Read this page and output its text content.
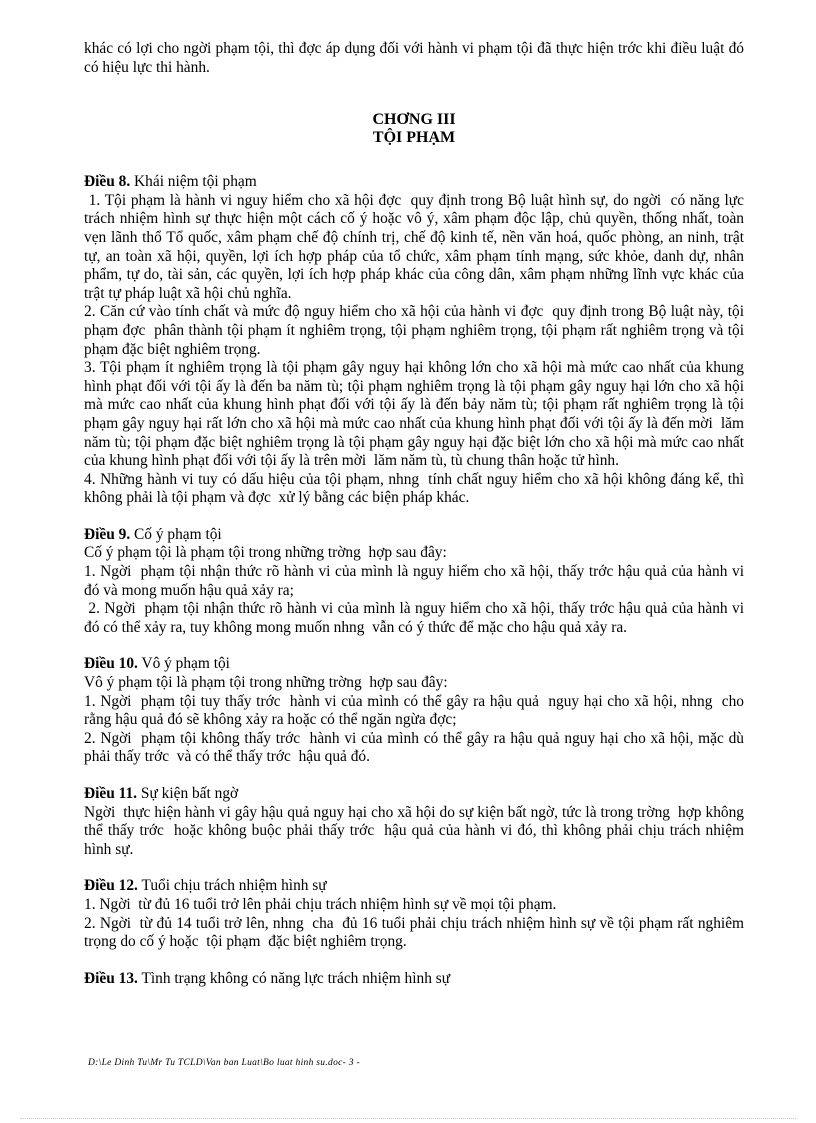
khác có lợi cho ngời phạm tội, thì đợc áp dụng đối với hành vi phạm tội đã thực hiện trớc khi điều luật đó có hiệu lực thi hành.

CHƠNG III
TỘI PHẠM

Điều 8. Khái niệm tội phạm

1. Tội phạm là hành vi nguy hiểm cho xã hội đợc  quy định trong Bộ luật hình sự, do ngời  có năng lực trách nhiệm hình sự thực hiện một cách cố ý hoặc vô ý, xâm phạm độc lập, chủ quyền, thống nhất, toàn vẹn lãnh thổ Tổ quốc, xâm phạm chế độ chính trị, chế độ kinh tế, nền văn hoá, quốc phòng, an ninh, trật tự, an toàn xã hội, quyền, lợi ích hợp pháp của tổ chức, xâm phạm tính mạng, sức khỏe, danh dự, nhân phẩm, tự do, tài sản, các quyền, lợi ích hợp pháp khác của công dân, xâm phạm những lĩnh vực khác của trật tự pháp luật xã hội chủ nghĩa.

2. Căn cứ vào tính chất và mức độ nguy hiểm cho xã hội của hành vi đợc  quy định trong Bộ luật này, tội phạm đợc  phân thành tội phạm ít nghiêm trọng, tội phạm nghiêm trọng, tội phạm rất nghiêm trọng và tội phạm đặc biệt nghiêm trọng.

3. Tội phạm ít nghiêm trọng là tội phạm gây nguy hại không lớn cho xã hội mà mức cao nhất của khung hình phạt đối với tội ấy là đến ba năm tù; tội phạm nghiêm trọng là tội phạm gây nguy hại lớn cho xã hội mà mức cao nhất của khung hình phạt đối với tội ấy là đến bảy năm tù; tội phạm rất nghiêm trọng là tội phạm gây nguy hại rất lớn cho xã hội mà mức cao nhất của khung hình phạt đối với tội ấy là đến mời  lăm năm tù; tội phạm đặc biệt nghiêm trọng là tội phạm gây nguy hại đặc biệt lớn cho xã hội mà mức cao nhất của khung hình phạt đối với tội ấy là trên mời  lăm năm tù, tù chung thân hoặc tử hình.

4. Những hành vi tuy có dấu hiệu của tội phạm, nhng  tính chất nguy hiểm cho xã hội không đáng kể, thì không phải là tội phạm và đợc  xử lý bằng các biện pháp khác.

Điều 9. Cố ý phạm tội

Cố ý phạm tội là phạm tội trong những trờng  hợp sau đây:

1. Ngời  phạm tội nhận thức rõ hành vi của mình là nguy hiểm cho xã hội, thấy trớc hậu quả của hành vi đó và mong muốn hậu quả xảy ra;

2. Ngời  phạm tội nhận thức rõ hành vi của mình là nguy hiểm cho xã hội, thấy trớc hậu quả của hành vi đó có thể xảy ra, tuy không mong muốn nhng  vẫn có ý thức để mặc cho hậu quả xảy ra.

Điều 10. Vô ý phạm tội

Vô ý phạm tội là phạm tội trong những trờng  hợp sau đây:

1. Ngời  phạm tội tuy thấy trớc  hành vi của mình có thể gây ra hậu quả  nguy hại cho xã hội, nhng  cho rằng hậu quả đó sẽ không xảy ra hoặc có thể ngăn ngừa đợc;

2. Ngời  phạm tội không thấy trớc  hành vi của mình có thể gây ra hậu quả nguy hại cho xã hội, mặc dù phải thấy trớc  và có thể thấy trớc  hậu quả đó.

Điều 11. Sự kiện bất ngờ

Ngời  thực hiện hành vi gây hậu quả nguy hại cho xã hội do sự kiện bất ngờ, tức là trong trờng  hợp không thể thấy trớc  hoặc không buộc phải thấy trớc  hậu quả của hành vi đó, thì không phải chịu trách nhiệm hình sự.

Điều 12. Tuổi chịu trách nhiệm hình sự

1. Ngời  từ đủ 16 tuổi trở lên phải chịu trách nhiệm hình sự về mọi tội phạm.

2. Ngời  từ đủ 14 tuổi trở lên, nhng  cha  đủ 16 tuổi phải chịu trách nhiệm hình sự về tội phạm rất nghiêm trọng do cố ý hoặc  tội phạm  đặc biệt nghiêm trọng.

Điều 13. Tình trạng không có năng lực trách nhiệm hình sự

D:\Le Dinh Tu\Mr Tu TCLD\Van ban Luat\Bo luat hinh su.doc- 3 -
